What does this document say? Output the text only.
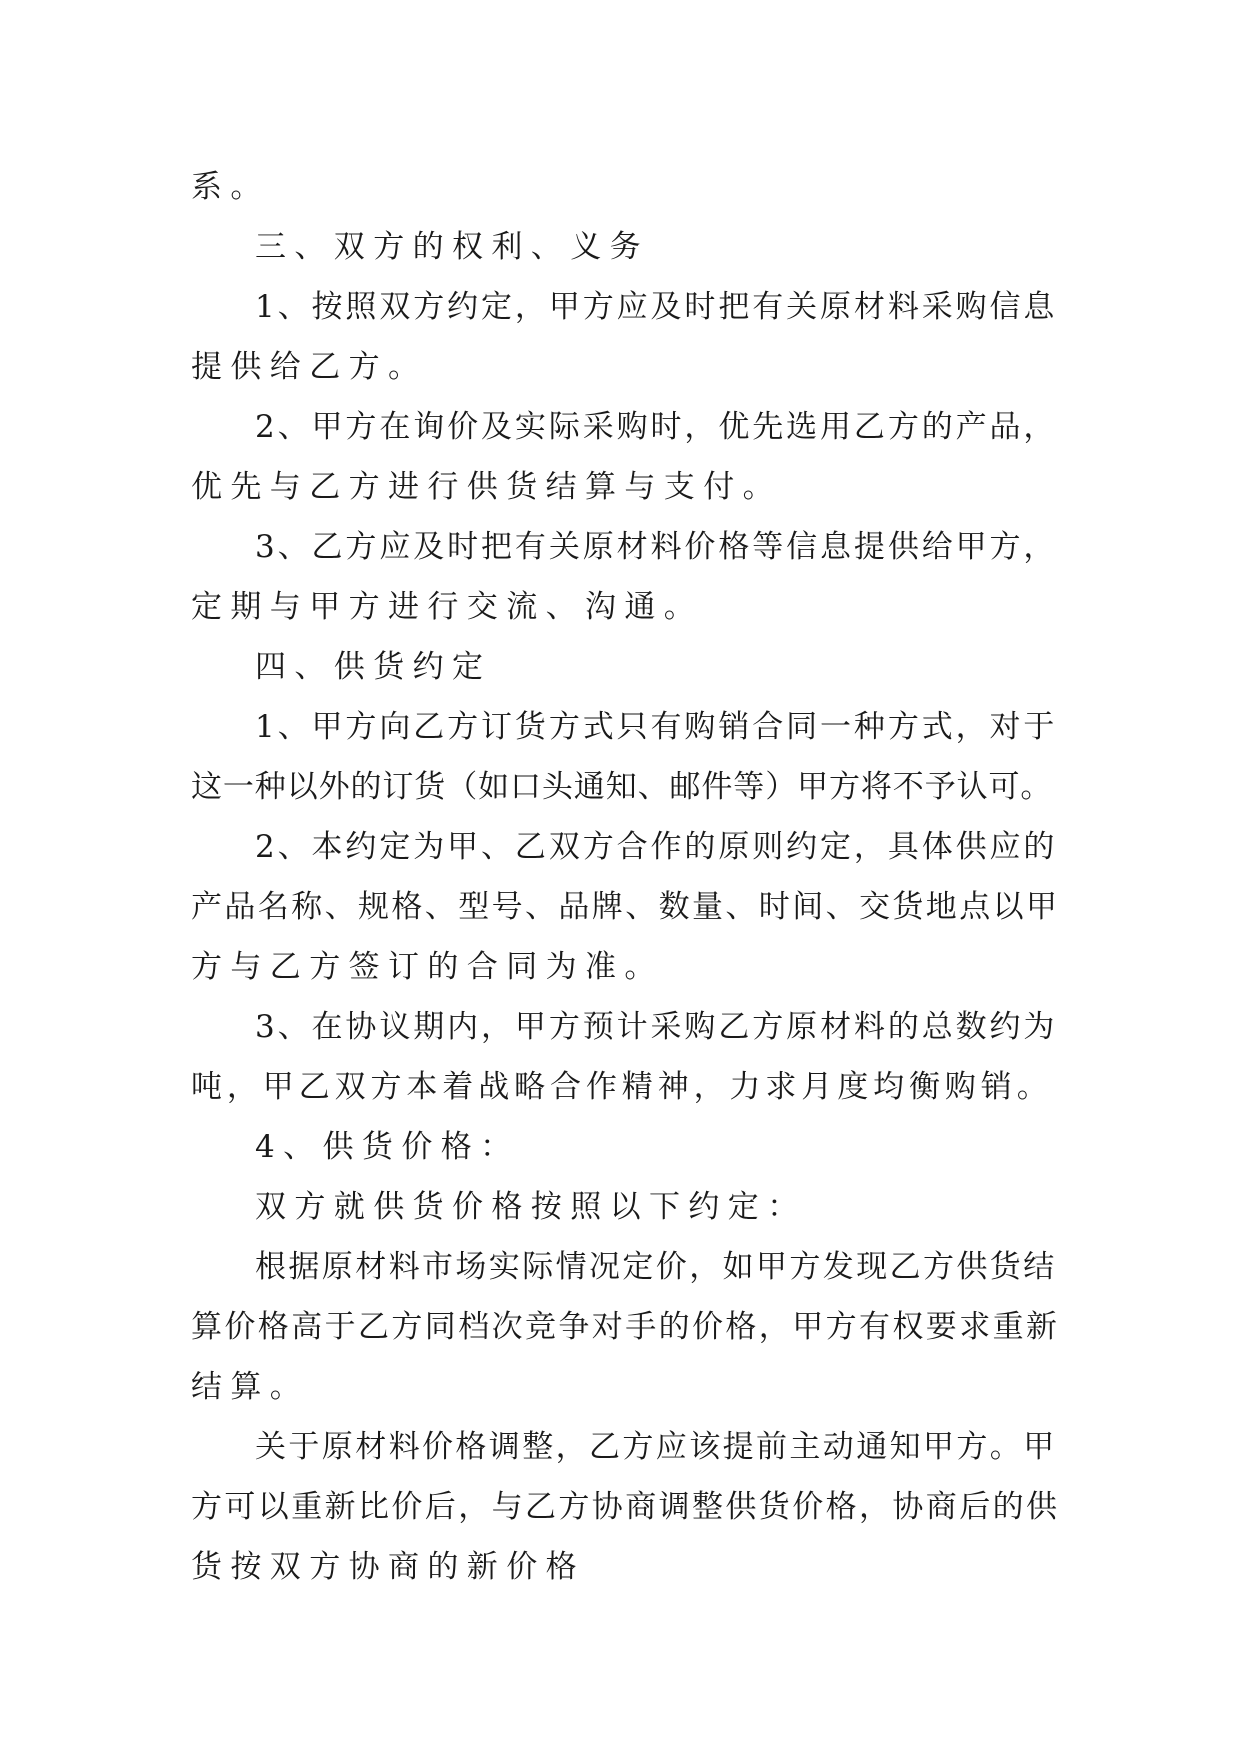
系。
三、双方的权利、义务
1、按照双方约定，甲方应及时把有关原材料采购信息
提供给乙方。
2、甲方在询价及实际采购时，优先选用乙方的产品，
优先与乙方进行供货结算与支付。
3、乙方应及时把有关原材料价格等信息提供给甲方，
定期与甲方进行交流、沟通。
四、供货约定
1、甲方向乙方订货方式只有购销合同一种方式，对于
这一种以外的订货（如口头通知、邮件等）甲方将不予认可。
2、本约定为甲、乙双方合作的原则约定，具体供应的
产品名称、规格、型号、品牌、数量、时间、交货地点以甲
方与乙方签订的合同为准。
3、在协议期内，甲方预计采购乙方原材料的总数约为
吨，甲乙双方本着战略合作精神，力求月度均衡购销。
4、供货价格：
双方就供货价格按照以下约定：
根据原材料市场实际情况定价，如甲方发现乙方供货结
算价格高于乙方同档次竞争对手的价格，甲方有权要求重新
结算。
关于原材料价格调整，乙方应该提前主动通知甲方。甲
方可以重新比价后，与乙方协商调整供货价格，协商后的供
货按双方协商的新价格
